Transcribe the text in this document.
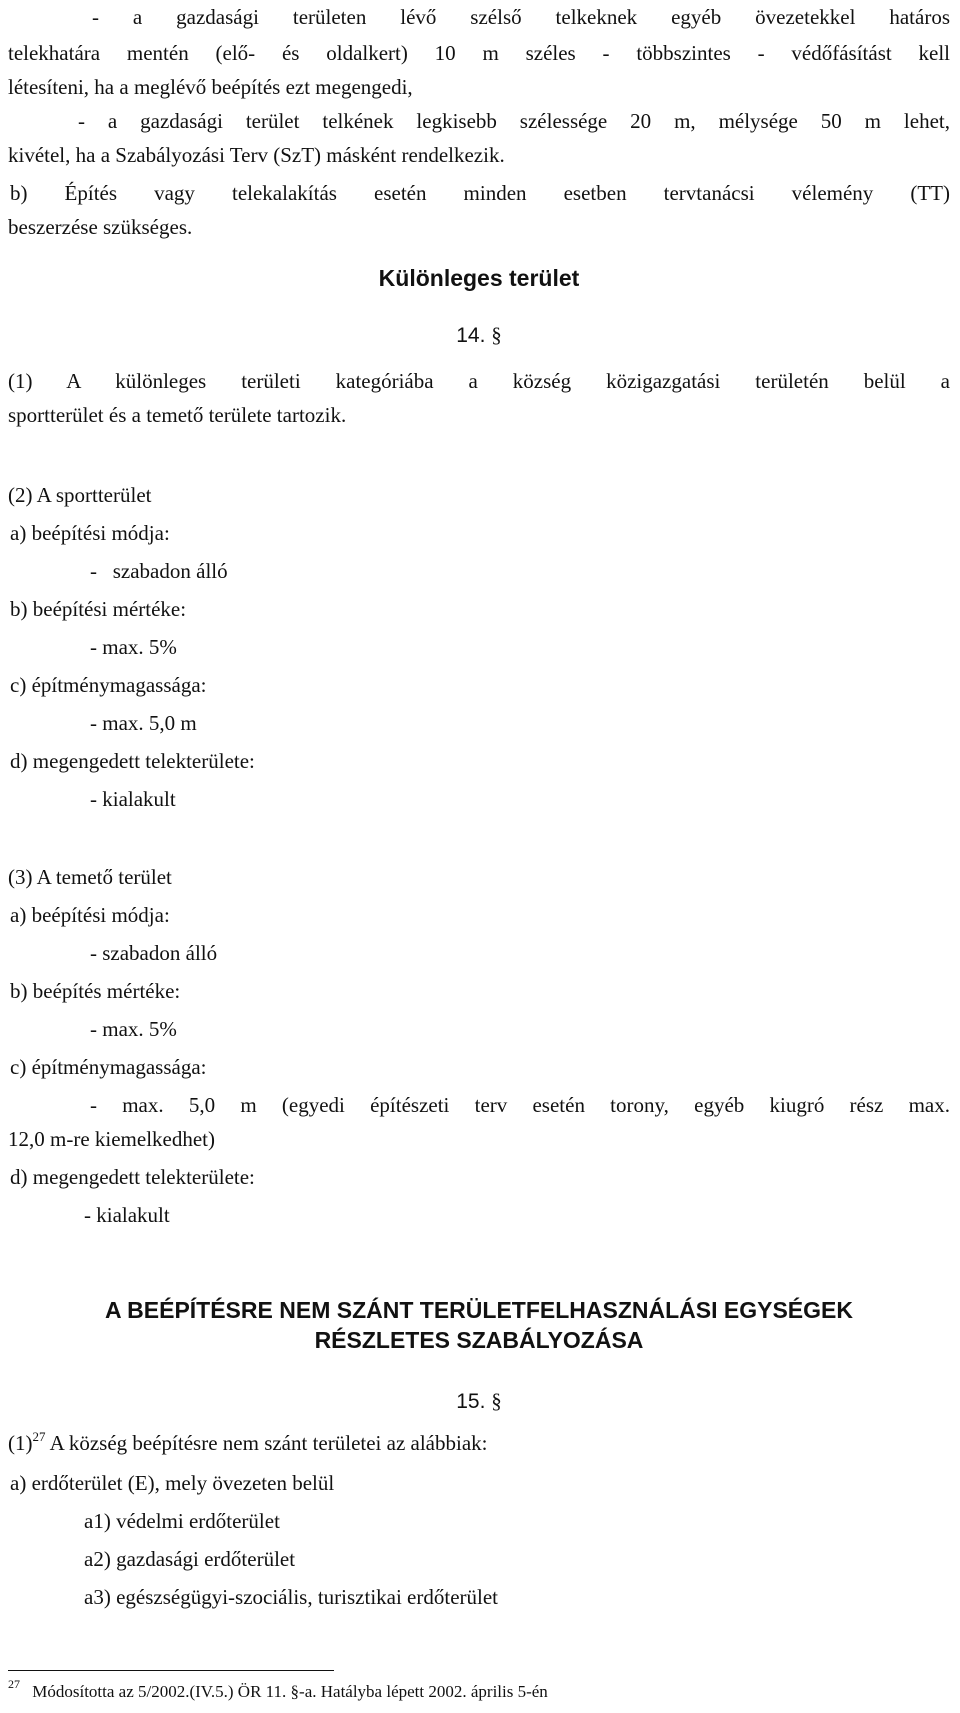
- a gazdasági területen lévő szélső telkeknek egyéb övezetekkel határos
telekhatára mentén (elő- és oldalkert) 10 m széles - többszintes - védőfásítást kell
létesíteni, ha a meglévő beépítés ezt megengedi,
- a gazdasági terület telkének legkisebb szélessége 20 m, mélysége 50 m lehet,
kivétel, ha a Szabályozási Terv (SzT) másként rendelkezik.
b) Építés vagy telekalakítás esetén minden esetben tervtanácsi vélemény (TT)
beszerzése szükséges.
Különleges terület
14. §
(1) A különleges területi kategóriába a község közigazgatási területén belül a
sportterület és a temető területe tartozik.
(2) A sportterület
a) beépítési módja:
-   szabadon álló
b) beépítési mértéke:
- max. 5%
c) építménymagassága:
- max. 5,0 m
d) megengedett telekterülete:
- kialakult
(3) A temető terület
a) beépítési módja:
- szabadon álló
b) beépítés mértéke:
- max. 5%
c) építménymagassága:
- max. 5,0 m (egyedi építészeti terv esetén torony, egyéb kiugró rész max.
12,0 m-re kiemelkedhet)
d) megengedett telekterülete:
- kialakult
A BEÉPÍTÉSRE NEM SZÁNT TERÜLETFELHASZNÁLÁSI EGYSÉGEK
RÉSZLETES SZABÁLYOZÁSA
15. §
$(1)^{27}$ A község beépítésre nem szánt területei az alábbiak:
a) erdőterület (E), mely övezeten belül
a1) védelmi erdőterület
a2) gazdasági erdőterület
a3) egészségügyi-szociális, turisztikai erdőterület
$^{27}$ Módosította az 5/2002.(IV.5.) ÖR 11. §-a. Hatályba lépett 2002. április 5-én
